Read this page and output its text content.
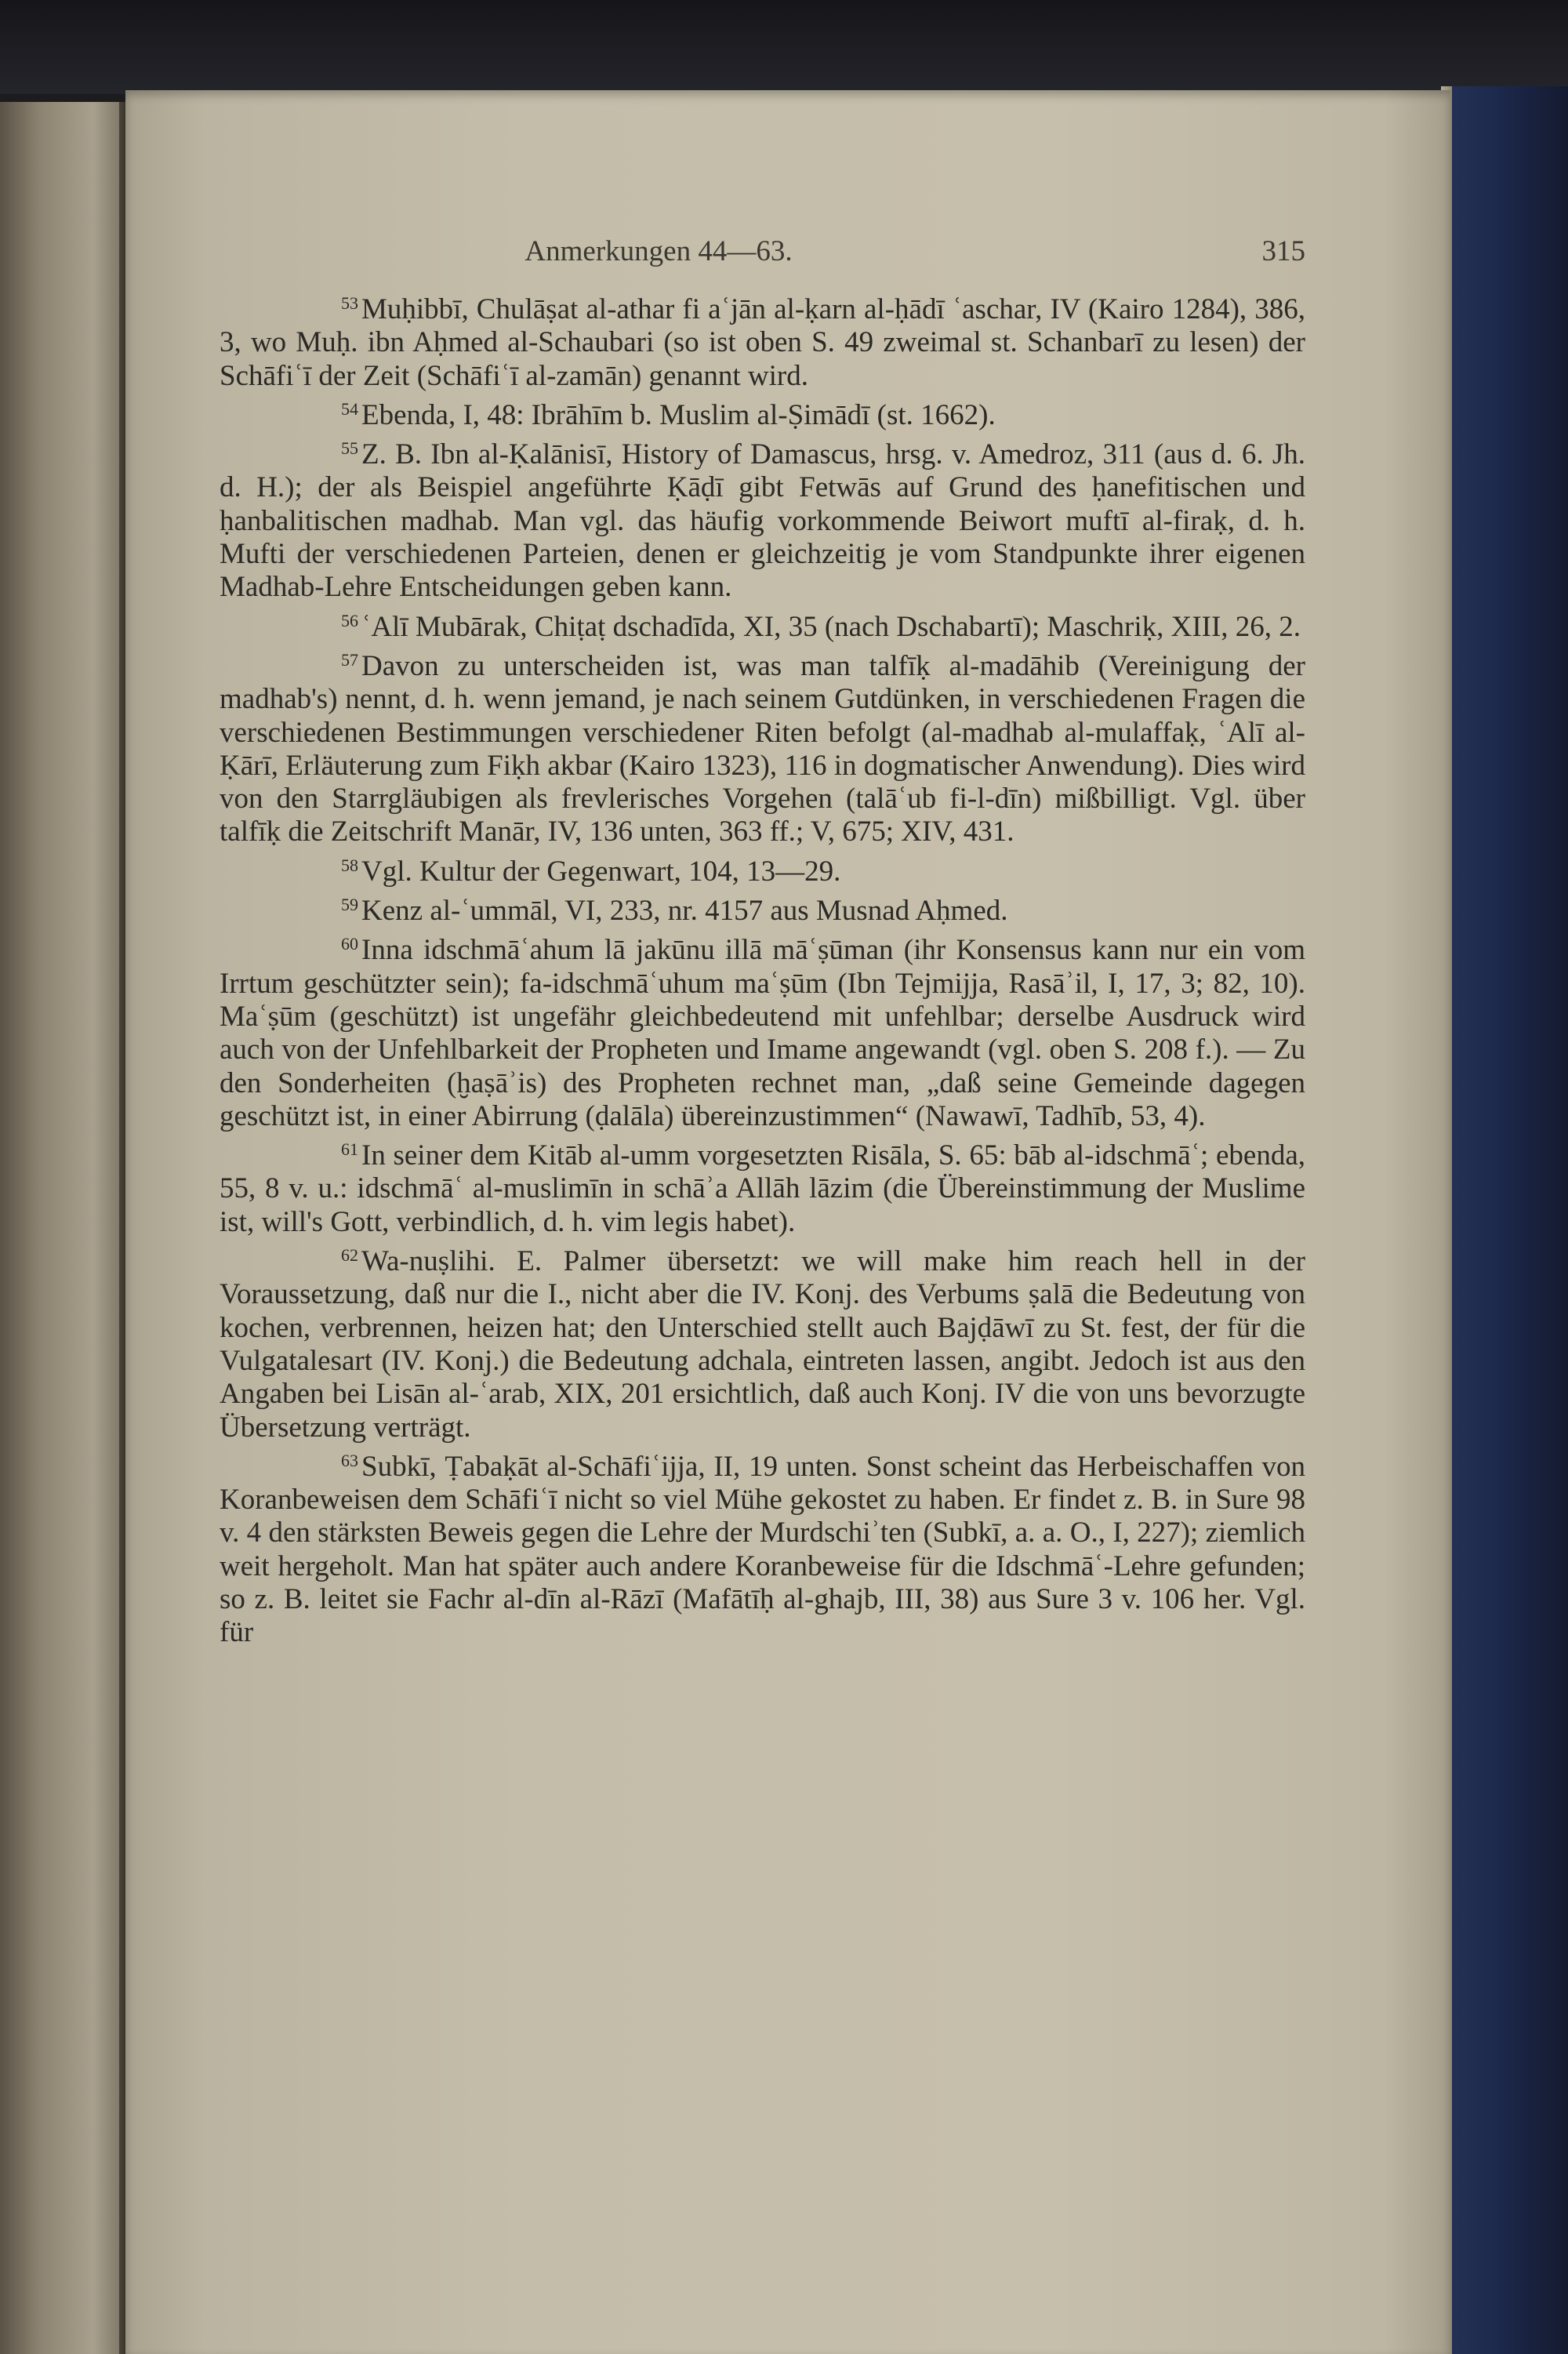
Anmerkungen 44—63.	315

$^{53}$ Muḥibbī, Chulāṣat al-athar fi aʿjān al-ḳarn al-ḥādī ʿaschar, IV (Kairo 1284), 386, 3, wo Muḥ. ibn Aḥmed al-Schaubari (so ist oben S. 49 zweimal st. Schanbarī zu lesen) der Schāfiʿī der Zeit (Schāfiʿī al-zamān) genannt wird.

$^{54}$ Ebenda, I, 48: Ibrāhīm b. Muslim al-Ṣimādī (st. 1662).

$^{55}$ Z. B. Ibn al-Ḳalānisī, History of Damascus, hrsg. v. Amedroz, 311 (aus d. 6. Jh. d. H.); der als Beispiel angeführte Ḳāḍī gibt Fetwās auf Grund des ḥanefitischen und ḥanbalitischen madhab. Man vgl. das häufig vorkommende Beiwort muftī al-firaḳ, d. h. Mufti der verschiedenen Parteien, denen er gleichzeitig je vom Standpunkte ihrer eigenen Madhab-Lehre Entscheidungen geben kann.

$^{56}$ ʿAlī Mubārak, Chiṭaṭ dschadīda, XI, 35 (nach Dschabartī); Maschriḳ, XIII, 26, 2.

$^{57}$ Davon zu unterscheiden ist, was man talfīḳ al-madāhib (Vereinigung der madhab's) nennt, d. h. wenn jemand, je nach seinem Gutdünken, in verschiedenen Fragen die verschiedenen Bestimmungen verschiedener Riten befolgt (al-madhab al-mulaffaḳ, ʿAlī al-Ḳārī, Erläuterung zum Fiḳh akbar (Kairo 1323), 116 in dogmatischer Anwendung). Dies wird von den Starrgläubigen als frevlerisches Vorgehen (talāʿub fi-l-dīn) mißbilligt. Vgl. über talfīḳ die Zeitschrift Manār, IV, 136 unten, 363 ff.; V, 675; XIV, 431.

$^{58}$ Vgl. Kultur der Gegenwart, 104, 13—29.

$^{59}$ Kenz al-ʿummāl, VI, 233, nr. 4157 aus Musnad Aḥmed.

$^{60}$ Inna idschmāʿahum lā jakūnu illā māʿṣūman (ihr Konsensus kann nur ein vom Irrtum geschützter sein); fa-idschmāʿuhum maʿṣūm (Ibn Tejmijja, Rasāʾil, I, 17, 3; 82, 10). Maʿṣūm (geschützt) ist ungefähr gleichbedeutend mit unfehlbar; derselbe Ausdruck wird auch von der Unfehlbarkeit der Propheten und Imame angewandt (vgl. oben S. 208 f.). — Zu den Sonderheiten (ḫaṣāʾis) des Propheten rechnet man, „daß seine Gemeinde dagegen geschützt ist, in einer Abirrung (ḍalāla) übereinzustimmen“ (Nawawī, Tadhīb, 53, 4).

$^{61}$ In seiner dem Kitāb al-umm vorgesetzten Risāla, S. 65: bāb al-idschmāʿ; ebenda, 55, 8 v. u.: idschmāʿ al-muslimīn in schāʾa Allāh lāzim (die Übereinstimmung der Muslime ist, will's Gott, verbindlich, d. h. vim legis habet).

$^{62}$ Wa-nuṣlihi. E. Palmer übersetzt: we will make him reach hell in der Voraussetzung, daß nur die I., nicht aber die IV. Konj. des Verbums ṣalā die Bedeutung von kochen, verbrennen, heizen hat; den Unterschied stellt auch Bajḍāwī zu St. fest, der für die Vulgatalesart (IV. Konj.) die Bedeutung adchala, eintreten lassen, angibt. Jedoch ist aus den Angaben bei Lisān al-ʿarab, XIX, 201 ersichtlich, daß auch Konj. IV die von uns bevorzugte Übersetzung verträgt.

$^{63}$ Subkī, Ṭabaḳāt al-Schāfiʿijja, II, 19 unten. Sonst scheint das Herbeischaffen von Koranbeweisen dem Schāfiʿī nicht so viel Mühe gekostet zu haben. Er findet z. B. in Sure 98 v. 4 den stärksten Beweis gegen die Lehre der Murdschiʾten (Subkī, a. a. O., I, 227); ziemlich weit hergeholt. Man hat später auch andere Koranbeweise für die Idschmāʿ-Lehre gefunden; so z. B. leitet sie Fachr al-dīn al-Rāzī (Mafātīḥ al-ghajb, III, 38) aus Sure 3 v. 106 her. Vgl. für
